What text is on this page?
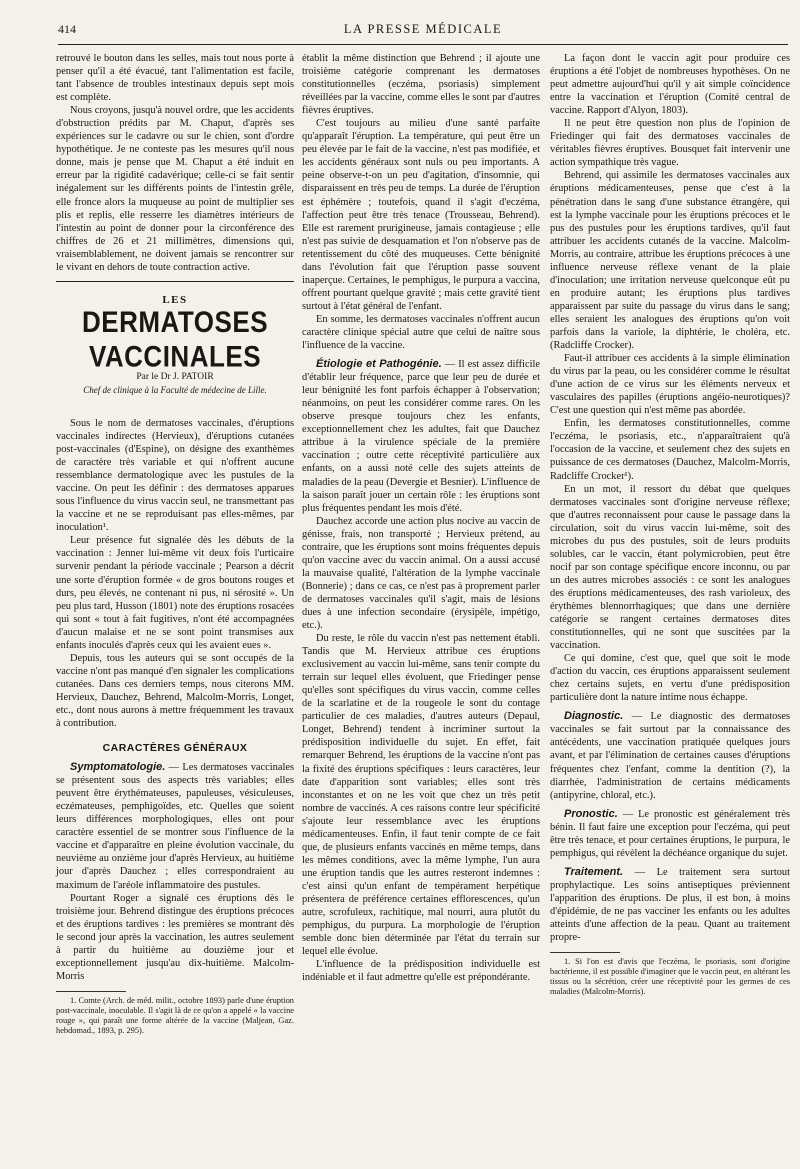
414	LA PRESSE MÉDICALE

retrouvé le bouton dans les selles, mais tout nous porte à penser qu'il a été évacué, tant l'alimentation est facile, tant l'absence de troubles intestinaux depuis sept mois est complète.

Nous croyons, jusqu'à nouvel ordre, que les accidents d'obstruction prédits par M. Chaput, d'après ses expériences sur le cadavre ou sur le chien, sont d'ordre hypothétique. Je ne conteste pas les mesures qu'il nous donne, mais je pense que M. Chaput a été induit en erreur par la rigidité cadavérique; celle-ci se fait sentir inégalement sur les différents points de l'intestin grêle, elle fronce alors la muqueuse au point de multiplier ses plis et replis, elle resserre les diamètres intérieurs de l'intestin au point de donner pour la circonférence des chiffres de 26 et 21 millimètres, dimensions qui, vraisemblablement, ne doivent jamais se rencontrer sur le vivant en dehors de toute contraction active.

LES
DERMATOSES VACCINALES
Par le Dr J. PATOIR
Chef de clinique à la Faculté de médecine de Lille.

Sous le nom de dermatoses vaccinales, d'éruptions vaccinales indirectes (Hervieux), d'éruptions cutanées post-vaccinales (d'Espine), on désigne des exanthèmes de caractère très variable et qui n'offrent aucune ressemblance dermatologique avec les pustules de la vaccine. On peut les définir : des dermatoses apparues sous l'influence du virus vaccin seul, ne transmettant pas la vaccine et ne se reproduisant pas elles-mêmes, par inoculation¹.

Leur présence fut signalée dès les débuts de la vaccination : Jenner lui-même vit deux fois l'urticaire survenir pendant la période vaccinale ; Pearson a décrit une sorte d'éruption formée « de gros boutons rouges et durs, peu élevés, ne contenant ni pus, ni sérosité ». Un peu plus tard, Husson (1801) note des éruptions rosacées qui sont « tout à fait fugitives, n'ont été accompagnées d'aucun malaise et ne se sont point transmises aux enfants inoculés d'après ceux qui les avaient eues ».

Depuis, tous les auteurs qui se sont occupés de la vaccine n'ont pas manqué d'en signaler les complications cutanées. Dans ces derniers temps, nous citerons MM. Hervieux, Dauchez, Behrend, Malcolm-Morris, Longet, etc., dont nous aurons à mettre fréquemment les travaux à contribution.

CARACTÈRES GÉNÉRAUX

Symptomatologie. — Les dermatoses vaccinales se présentent sous des aspects très variables; elles peuvent être érythémateuses, papuleuses, vésiculeuses, eczémateuses, pemphigoïdes, etc. Quelles que soient leurs différences morphologiques, elles ont pour caractère essentiel de se montrer sous l'influence de la vaccine et d'apparaître en pleine évolution vaccinale, du neuvième au onzième jour d'après Hervieux, au huitième jour d'après Dauchez ; elles correspondraient au maximum de l'aréole inflammatoire des pustules.

Pourtant Roger a signalé ces éruptions dès le troisième jour. Behrend distingue des éruptions précoces et des éruptions tardives : les premières se montrant dès le second jour après la vaccination, les autres seulement à partir du huitième au douzième jour et exceptionnellement jusqu'au dix-huitième. Malcolm-Morris

1. Comte (Arch. de méd. milit., octobre 1893) parle d'une éruption post-vaccinale, inoculable. Il s'agit là de ce qu'on a appelé « la vaccine rouge », qui paraît une forme altérée de la vaccine (Maljean, Gaz. hebdomad., 1893, p. 295).

établit la même distinction que Behrend ; il ajoute une troisième catégorie comprenant les dermatoses constitutionnelles (eczéma, psoriasis) simplement réveillées par la vaccine, comme elles le sont par d'autres fièvres éruptives.

C'est toujours au milieu d'une santé parfaite qu'apparaît l'éruption. La température, qui peut être un peu élevée par le fait de la vaccine, n'est pas modifiée, et les accidents généraux sont nuls ou peu importants. A peine observe-t-on un peu d'agitation, d'insomnie, qui disparaissent en très peu de temps. La durée de l'éruption est éphémère ; toutefois, quand il s'agit d'eczéma, l'affection peut être très tenace (Trousseau, Behrend). Elle est rarement prurigineuse, jamais contagieuse ; elle n'est pas suivie de desquamation et l'on n'observe pas de retentissement du côté des muqueuses. Cette bénignité dans l'évolution fait que l'éruption passe souvent inaperçue. Certaines, le pemphigus, le purpura a vaccina, offrent pourtant quelque gravité ; mais cette gravité tient surtout à l'état général de l'enfant.

En somme, les dermatoses vaccinales n'offrent aucun caractère clinique spécial autre que celui de naître sous l'influence de la vaccine.

Étiologie et Pathogénie. — Il est assez difficile d'établir leur fréquence, parce que leur peu de durée et leur bénignité les font parfois échapper à l'observation; néanmoins, on peut les considérer comme rares. On les observe presque toujours chez les enfants, exceptionnellement chez les adultes, fait que Dauchez attribue à la virulence spéciale de la première vaccination ; outre cette réceptivité particulière aux enfants, on a aussi noté celle des sujets atteints de maladies de la peau (Devergie et Besnier). L'influence de la saison paraît jouer un certain rôle : les éruptions sont plus fréquentes pendant les mois d'été.

Dauchez accorde une action plus nocive au vaccin de génisse, frais, non transporté ; Hervieux prétend, au contraire, que les éruptions sont moins fréquentes depuis qu'on vaccine avec du vaccin animal. On a aussi accusé la mauvaise qualité, l'altération de la lymphe vaccinale (Bonnerie) ; dans ce cas, ce n'est pas à proprement parler de dermatoses vaccinales qu'il s'agit, mais de lésions dues à une infection secondaire (érysipèle, impétigo, etc.).

Du reste, le rôle du vaccin n'est pas nettement établi. Tandis que M. Hervieux attribue ces éruptions exclusivement au vaccin lui-même, sans tenir compte du terrain sur lequel elles évoluent, que Friedinger pense qu'elles sont spécifiques du virus vaccin, comme celles de la scarlatine et de la rougeole le sont du contage particulier de ces maladies, d'autres auteurs (Depaul, Longet, Behrend) tendent à incriminer surtout la prédisposition individuelle du sujet. En effet, fait remarquer Behrend, les éruptions de la vaccine n'ont pas la fixité des éruptions spécifiques : leurs caractères, leur date d'apparition sont variables; elles sont très inconstantes et on ne les voit que chez un très petit nombre de vaccinés. A ces raisons contre leur spécificité s'ajoute leur ressemblance avec les éruptions médicamenteuses. Enfin, il faut tenir compte de ce fait que, de plusieurs enfants vaccinés en même temps, dans les mêmes conditions, avec la même lymphe, l'un aura une éruption tandis que les autres resteront indemnes : c'est ainsi qu'un enfant de tempérament herpétique présentera de préférence certaines efflorescences, qu'un autre, scrofuleux, rachitique, mal nourri, aura plutôt du pemphigus, du purpura. La morphologie de l'éruption semble donc bien déterminée par l'état du terrain sur lequel elle évolue.

L'influence de la prédisposition individuelle est indéniable et il faut admettre qu'elle est prépondérante.

La façon dont le vaccin agit pour produire ces éruptions a été l'objet de nombreuses hypothèses. On ne peut admettre aujourd'hui qu'il y ait simple coïncidence entre la vaccination et l'éruption (Comité central de vaccine. Rapport d'Alyon, 1803).

Il ne peut être question non plus de l'opinion de Friedinger qui fait des dermatoses vaccinales de véritables fièvres éruptives. Bousquet fait intervenir une action sympathique très vague.

Behrend, qui assimile les dermatoses vaccinales aux éruptions médicamenteuses, pense que c'est à la pénétration dans le sang d'une substance étrangère, qui est la lymphe vaccinale pour les éruptions précoces et le pus des pustules pour les éruptions tardives, qu'il faut attribuer les accidents cutanés de la vaccine. Malcolm-Morris, au contraire, attribue les éruptions précoces à une influence nerveuse réflexe venant de la plaie d'inoculation; une irritation nerveuse quelconque eût pu en produire autant; les éruptions plus tardives apparaissent par suite du passage du virus dans le sang; elles seraient les analogues des éruptions qu'on voit parfois dans la variole, la diphtérie, le choléra, etc. (Radcliffe Crocker).

Faut-il attribuer ces accidents à la simple élimination du virus par la peau, ou les considérer comme le résultat d'une action de ce virus sur les éléments nerveux et vasculaires des papilles (éruptions angéio-neurotiques)? C'est une question qui n'est même pas abordée.

Enfin, les dermatoses constitutionnelles, comme l'eczéma, le psoriasis, etc., n'apparaîtraient qu'à l'occasion de la vaccine, et seulement chez des sujets en puissance de ces dermatoses (Dauchez, Malcolm-Morris, Radcliffe Crocker¹).

En un mot, il ressort du débat que quelques dermatoses vaccinales sont d'origine nerveuse réflexe; que d'autres reconnaissent pour cause le passage dans la circulation, soit du virus vaccin lui-même, soit des microbes du pus des pustules, soit de leurs produits solubles, car le vaccin, étant polymicrobien, peut être nocif par son contage spécifique encore inconnu, ou par un des autres microbes associés : ce sont les analogues des éruptions médicamenteuses, des rash varioleux, des érythèmes blennorrhagiques; que dans une dernière catégorie se rangent certaines dermatoses dites constitutionnelles, qui ne sont que suscitées par la vaccination.

Ce qui domine, c'est que, quel que soit le mode d'action du vaccin, ces éruptions apparaissent seulement chez certains sujets, en vertu d'une prédisposition particulière dont la nature intime nous échappe.

Diagnostic. — Le diagnostic des dermatoses vaccinales se fait surtout par la connaissance des antécédents, une vaccination pratiquée quelques jours avant, et par l'élimination de certaines causes d'éruptions fréquentes chez l'enfant, comme la dentition (?), la diarrhée, l'administration de certains médicaments (antipyrine, chloral, etc.).

Pronostic. — Le pronostic est généralement très bénin. Il faut faire une exception pour l'eczéma, qui peut être très tenace, et pour certaines éruptions, le purpura, le pemphigus, qui révèlent la déchéance organique du sujet.

Traitement. — Le traitement sera surtout prophylactique. Les soins antiseptiques préviennent l'apparition des éruptions. De plus, il est bon, à moins d'épidémie, de ne pas vacciner les enfants ou les adultes atteints d'une affection de la peau. Quant au traitement propre-

1. Si l'on est d'avis que l'eczéma, le psoriasis, sont d'origine bactérienne, il est possible d'imaginer que le vaccin peut, en altérant les tissus ou la sécrétion, créer une réceptivité pour les germes de ces maladies (Malcolm-Morris).
